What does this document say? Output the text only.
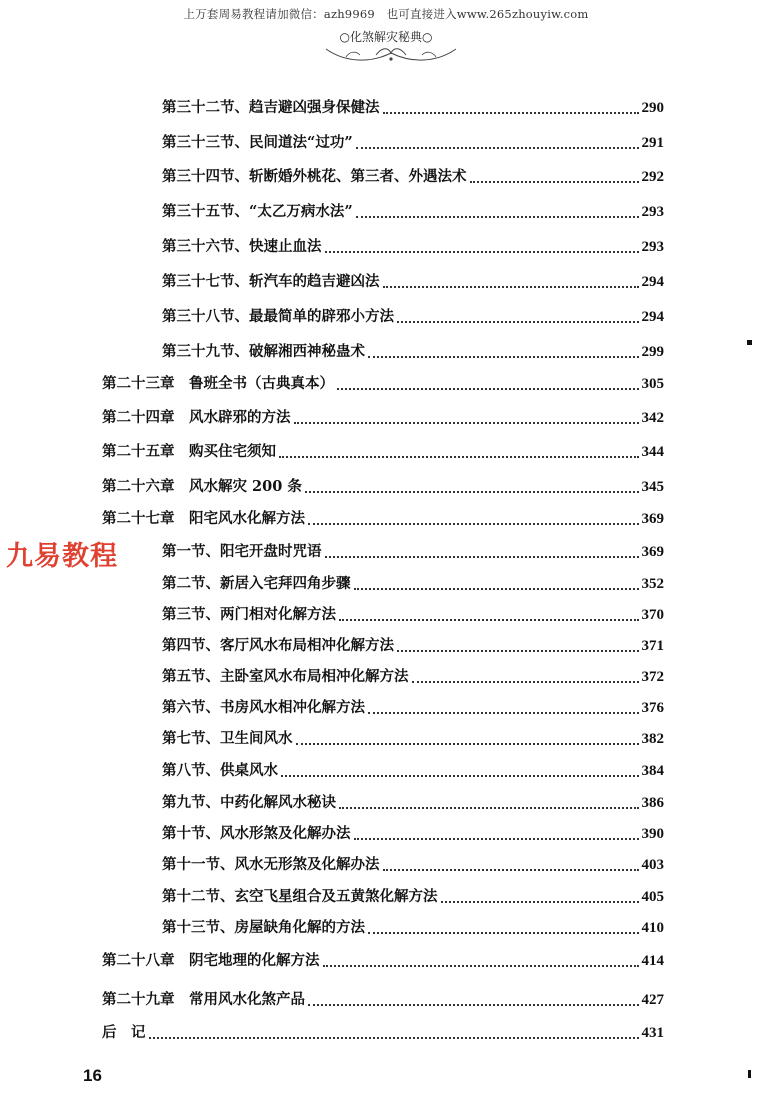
上万套周易教程请加微信：azh9969　也可直接进入www.265zhouyiw.com
○化煞解灾秘典○
九易教程
第三十二节、趋吉避凶强身保健法	290
第三十三节、民间道法“过功”	291
第三十四节、斩断婚外桃花、第三者、外遇法术	292
第三十五节、“太乙万病水法”	293
第三十六节、快速止血法	293
第三十七节、斩汽车的趋吉避凶法	294
第三十八节、最最简单的辟邪小方法	294
第三十九节、破解湘西神秘蛊术	299
第二十三章　鲁班全书（古典真本）	305
第二十四章　风水辟邪的方法	342
第二十五章　购买住宅须知	344
第二十六章　风水解灾 200 条	345
第二十七章　阳宅风水化解方法	369
第一节、阳宅开盘时咒语	369
第二节、新居入宅拜四角步骤	352
第三节、两门相对化解方法	370
第四节、客厅风水布局相冲化解方法	371
第五节、主卧室风水布局相冲化解方法	372
第六节、书房风水相冲化解方法	376
第七节、卫生间风水	382
第八节、供桌风水	384
第九节、中药化解风水秘诀	386
第十节、风水形煞及化解办法	390
第十一节、风水无形煞及化解办法	403
第十二节、玄空飞星组合及五黄煞化解方法	405
第十三节、房屋缺角化解的方法	410
第二十八章　阴宅地理的化解方法	414
第二十九章　常用风水化煞产品	427
后　记	431
16
